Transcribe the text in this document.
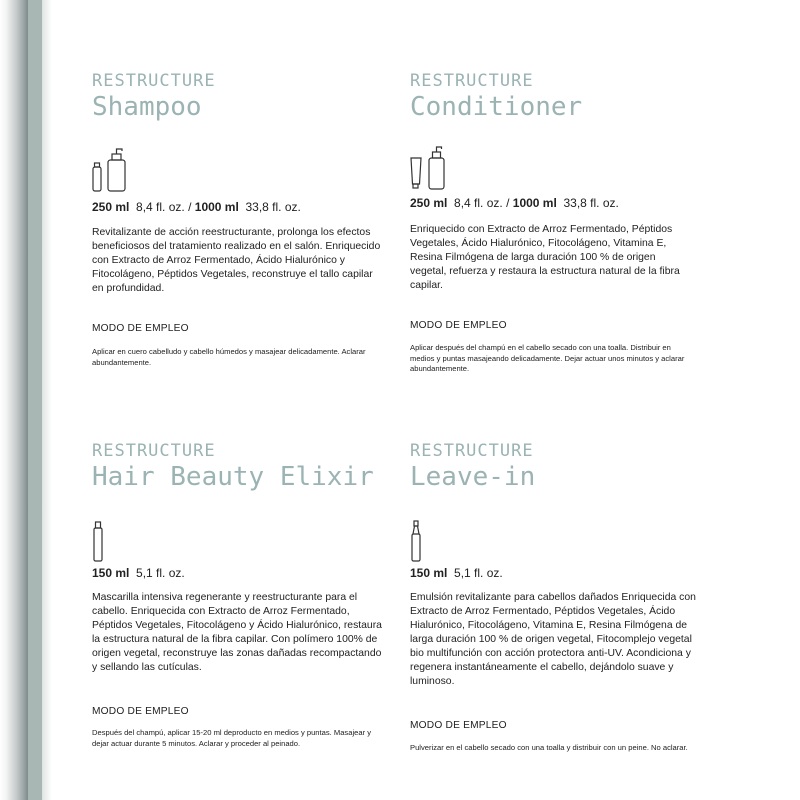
RESTRUCTURE

Shampoo

250 ml 8,4 fl. oz. / 1000 ml 33,8 fl. oz.

Revitalizante de acción reestructurante, prolonga los efectos beneficiosos del tratamiento realizado en el salón. Enriquecido con Extracto de Arroz Fermentado, Ácido Hialurónico y Fitocolágeno, Péptidos Vegetales, reconstruye el tallo capilar en profundidad.

MODO DE EMPLEO

Aplicar en cuero cabelludo y cabello húmedos y masajear delicadamente. Aclarar abundantemente.

RESTRUCTURE

Conditioner

250 ml 8,4 fl. oz. / 1000 ml 33,8 fl. oz.

Enriquecido con Extracto de Arroz Fermentado, Péptidos Vegetales, Ácido Hialurónico, Fitocolágeno, Vitamina E, Resina Filmógena de larga duración 100 % de origen vegetal, refuerza y restaura la estructura natural de la fibra capilar.

MODO DE EMPLEO

Aplicar después del champú en el cabello secado con una toalla. Distribuir en medios y puntas masajeando delicadamente. Dejar actuar unos minutos y aclarar abundantemente.

RESTRUCTURE

Hair Beauty Elixir

150 ml 5,1 fl. oz.

Mascarilla intensiva regenerante y reestructurante para el cabello. Enriquecida con Extracto de Arroz Fermentado, Péptidos Vegetales, Fitocolágeno y Ácido Hialurónico, restaura la estructura natural de la fibra capilar. Con polímero 100% de origen vegetal, reconstruye las zonas dañadas recompactando y sellando las cutículas.

MODO DE EMPLEO

Después del champú, aplicar 15-20 ml deproducto en medios y puntas. Masajear y dejar actuar durante 5 minutos. Aclarar y proceder al peinado.

RESTRUCTURE

Leave-in

150 ml 5,1 fl. oz.

Emulsión revitalizante para cabellos dañados Enriquecida con Extracto de Arroz Fermentado, Péptidos Vegetales, Ácido Hialurónico, Fitocolágeno, Vitamina E, Resina Filmógena de larga duración 100 % de origen vegetal, Fitocomplejo vegetal bio multifunción con acción protectora anti-UV. Acondiciona y regenera instantáneamente el cabello, dejándolo suave y luminoso.

MODO DE EMPLEO

Pulverizar en el cabello secado con una toalla y distribuir con un peine. No aclarar.
